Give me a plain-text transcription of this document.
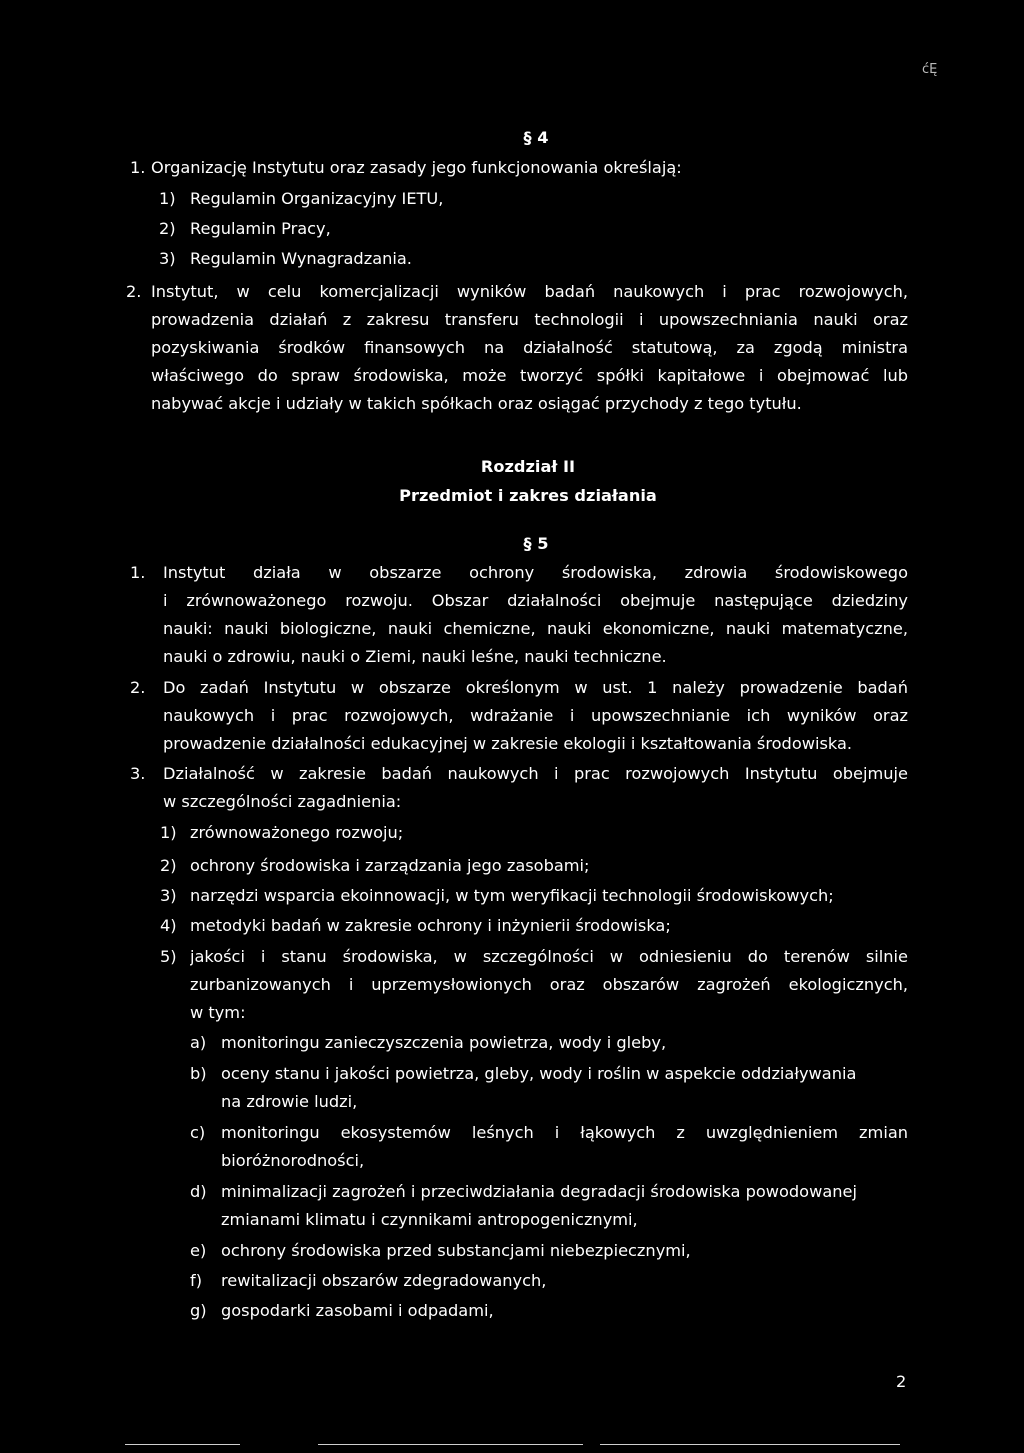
ćĘ
§ 4
1. Organizację Instytutu oraz zasady jego funkcjonowania określają:
1) Regulamin Organizacyjny IETU,
2) Regulamin Pracy,
3) Regulamin Wynagradzania.
2. Instytut, w celu komercjalizacji wyników badań naukowych i prac rozwojowych,
prowadzenia działań z zakresu transferu technologii i upowszechniania nauki oraz
pozyskiwania środków finansowych na działalność statutową, za zgodą ministra
właściwego do spraw środowiska, może tworzyć spółki kapitałowe i obejmować lub
nabywać akcje i udziały w takich spółkach oraz osiągać przychody z tego tytułu.
Rozdział II
Przedmiot i zakres działania
§ 5
1. Instytut działa w obszarze ochrony środowiska, zdrowia środowiskowego
i zrównoważonego rozwoju. Obszar działalności obejmuje następujące dziedziny
nauki: nauki biologiczne, nauki chemiczne, nauki ekonomiczne, nauki matematyczne,
nauki o zdrowiu, nauki o Ziemi, nauki leśne, nauki techniczne.
2. Do zadań Instytutu w obszarze określonym w ust. 1 należy prowadzenie badań
naukowych i prac rozwojowych, wdrażanie i upowszechnianie ich wyników oraz
prowadzenie działalności edukacyjnej w zakresie ekologii i kształtowania środowiska.
3. Działalność w zakresie badań naukowych i prac rozwojowych Instytutu obejmuje
w szczególności zagadnienia:
1) zrównoważonego rozwoju;
2) ochrony środowiska i zarządzania jego zasobami;
3) narzędzi wsparcia ekoinnowacji, w tym weryfikacji technologii środowiskowych;
4) metodyki badań w zakresie ochrony i inżynierii środowiska;
5) jakości i stanu środowiska, w szczególności w odniesieniu do terenów silnie
zurbanizowanych i uprzemysłowionych oraz obszarów zagrożeń ekologicznych,
w tym:
a) monitoringu zanieczyszczenia powietrza, wody i gleby,
b) oceny stanu i jakości powietrza, gleby, wody i roślin w aspekcie oddziaływania
na zdrowie ludzi,
c) monitoringu ekosystemów leśnych i łąkowych z uwzględnieniem zmian
bioróżnorodności,
d) minimalizacji zagrożeń i przeciwdziałania degradacji środowiska powodowanej
zmianami klimatu i czynnikami antropogenicznymi,
e) ochrony środowiska przed substancjami niebezpiecznymi,
f) rewitalizacji obszarów zdegradowanych,
g) gospodarki zasobami i odpadami,
2
